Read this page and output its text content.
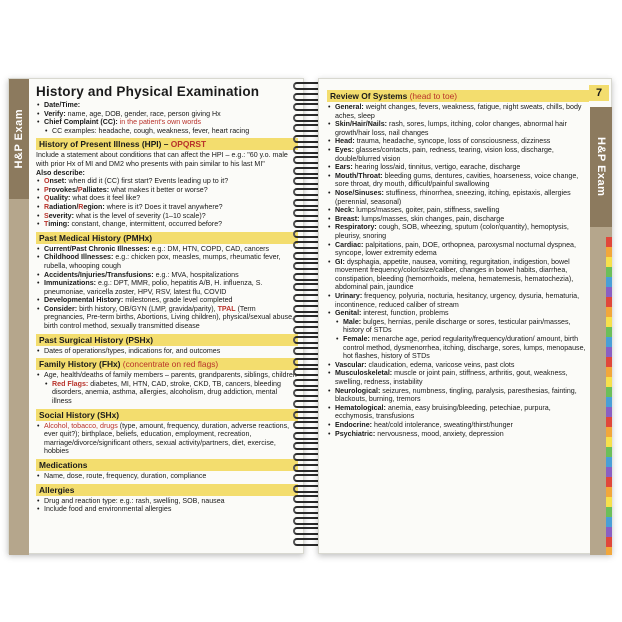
H&P Exam
History and Physical Examination
• Date/Time:
• Verify: name, age, DOB, gender, race, person giving Hx
• Chief Complaint (CC): in the patient's own words
• CC examples: headache, cough, weakness, fever, heart racing
History of Present Illness (HPI) – OPQRST
Include a statement about conditions that can affect the HPI – e.g.: "60 y.o. male with prior Hx of MI and DM2 who presents with pain similar to his last MI"
Also describe:
• Onset: when did it (CC) first start? Events leading up to it?
• Provokes/Palliates: what makes it better or worse?
• Quality: what does it feel like?
• Radiation/Region: where is it? Does it travel anywhere?
• Severity: what is the level of severity (1–10 scale)?
• Timing: constant, change, intermittent, occurred before?
Past Medical History (PMHx)
• Current/Past Chronic Illnesses: e.g.: DM, HTN, COPD, CAD, cancers
• Childhood Illnesses: e.g.: chicken pox, measles, mumps, rheumatic fever, rubella, whooping cough
• Accidents/Injuries/Transfusions: e.g.: MVA, hospitalizations
• Immunizations: e.g.: DPT, MMR, polio, hepatitis A/B, H. influenza, S. pneumoniae, varicella zoster, HPV, RSV, latest flu, COVID
• Developmental History: milestones, grade level completed
• Consider: birth history, OB/GYN (LMP, gravida/parity), TPAL (Term pregnancies, Pre-term births, Abortions, Living children), physical/sexual abuse, birth control method, sexually transmitted disease
Past Surgical History (PSHx)
• Dates of operations/types, indications for, and outcomes
Family History (FHx) (concentrate on red flags)
• Age, health/deaths of family members – parents, grandparents, siblings, children
• Red Flags: diabetes, MI, HTN, CAD, stroke, CKD, TB, cancers, bleeding disorders, anemia, asthma, allergies, alcoholism, drug addiction, mental illness
Social History (SHx)
• Alcohol, tobacco, drugs (type, amount, frequency, duration, adverse reactions, ever quit?); birthplace, beliefs, education, employment, recreation, marriage/divorce/significant others, sexual activity/partners, diet, exercise, hobbies
Medications
• Name, dose, route, frequency, duration, compliance
Allergies
• Drug and reaction type: e.g.: rash, swelling, SOB, nausea
• Include food and environmental allergies
7
H&P Exam
Review Of Systems (head to toe)
• General: weight changes, fevers, weakness, fatigue, night sweats, chills, body aches, sleep
• Skin/Hair/Nails: rash, sores, lumps, itching, color changes, abnormal hair growth/hair loss, nail changes
• Head: trauma, headache, syncope, loss of consciousness, dizziness
• Eyes: glasses/contacts, pain, redness, tearing, vision loss, discharge, double/blurred vision
• Ears: hearing loss/aid, tinnitus, vertigo, earache, discharge
• Mouth/Throat: bleeding gums, dentures, cavities, hoarseness, voice change, sore throat, dry mouth, difficult/painful swallowing
• Nose/Sinuses: stuffiness, rhinorrhea, sneezing, itching, epistaxis, allergies (perennial, seasonal)
• Neck: lumps/masses, goiter, pain, stiffness, swelling
• Breast: lumps/masses, skin changes, pain, discharge
• Respiratory: cough, SOB, wheezing, sputum (color/quantity), hemoptysis, pleurisy, snoring
• Cardiac: palpitations, pain, DOE, orthopnea, paroxysmal nocturnal dyspnea, syncope, lower extremity edema
• GI: dysphagia, appetite, nausea, vomiting, regurgitation, indigestion, bowel movement frequency/color/size/caliber, changes in bowel habits, diarrhea, constipation, bleeding (hemorrhoids, melena, hematemesis, hematochezia), abdominal pain, jaundice
• Urinary: frequency, polyuria, nocturia, hesitancy, urgency, dysuria, hematuria, incontinence, reduced caliber of stream
• Genital: interest, function, problems
• Male: bulges, hernias, penile discharge or sores, testicular pain/masses, history of STDs
• Female: menarche age, period regularity/frequency/duration/ amount, birth control method, dysmenorrhea, itching, discharge, sores, lumps, menopause, hot flashes, history of STDs
• Vascular: claudication, edema, varicose veins, past clots
• Musculoskeletal: muscle or joint pain, stiffness, arthritis, gout, weakness, swelling, redness, instability
• Neurological: seizures, numbness, tingling, paralysis, paresthesias, fainting, blackouts, burning, tremors
• Hematological: anemia, easy bruising/bleeding, petechiae, purpura, ecchymosis, transfusions
• Endocrine: heat/cold intolerance, sweating/thirst/hunger
• Psychiatric: nervousness, mood, anxiety, depression
